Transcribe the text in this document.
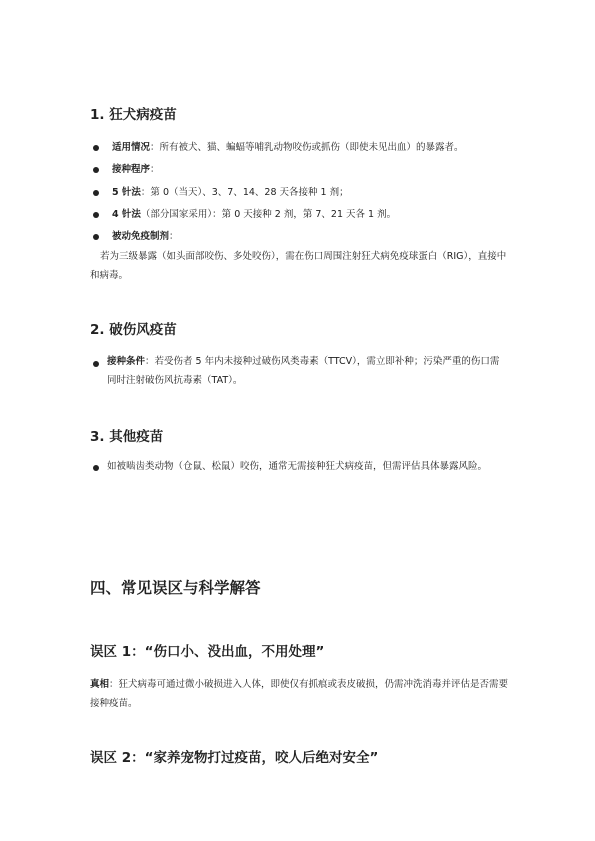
1. 狂犬病疫苗
适用情况：所有被犬、猫、蝙蝠等哺乳动物咬伤或抓伤（即使未见出血）的暴露者。
接种程序：
5 针法：第 0（当天）、3、7、14、28 天各接种 1 剂；
4 针法（部分国家采用）：第 0 天接种 2 剂，第 7、21 天各 1 剂。
被动免疫制剂：

若为三级暴露（如头面部咬伤、多处咬伤），需在伤口周围注射狂犬病免疫球蛋白（RIG），直接中和病毒。

2. 破伤风疫苗
接种条件：若受伤者 5 年内未接种过破伤风类毒素（TTCV），需立即补种；污染严重的伤口需同时注射破伤风抗毒素（TAT）。
3. 其他疫苗
如被啮齿类动物（仓鼠、松鼠）咬伤，通常无需接种狂犬病疫苗，但需评估具体暴露风险。
四、常见误区与科学解答
误区 1：“伤口小、没出血，不用处理”

真相：狂犬病毒可通过微小破损进入人体，即使仅有抓痕或表皮破损，仍需冲洗消毒并评估是否需要接种疫苗。

误区 2：“家养宠物打过疫苗，咬人后绝对安全”
